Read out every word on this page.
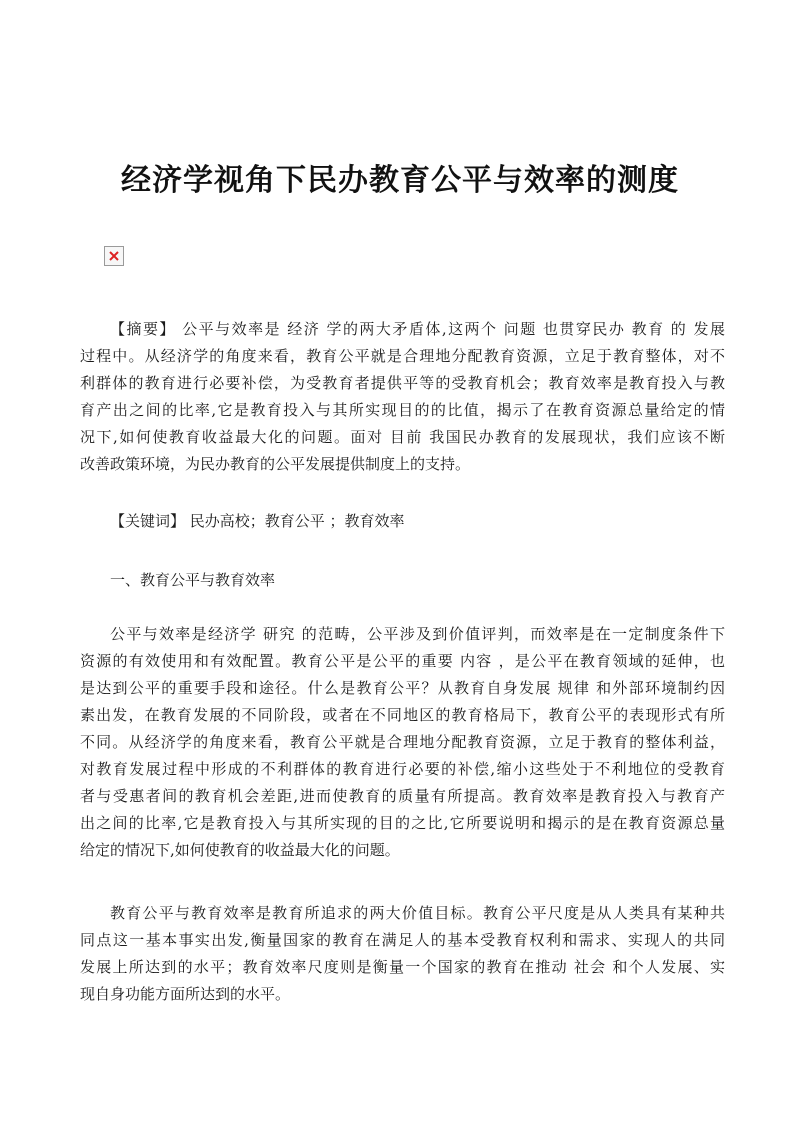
经济学视角下民办教育公平与效率的测度
【摘要】 公平与效率是 经济 学的两大矛盾体,这两个 问题 也贯穿民办 教育 的 发展
过程中。从经济学的角度来看，教育公平就是合理地分配教育资源，立足于教育整体，对不
利群体的教育进行必要补偿，为受教育者提供平等的受教育机会；教育效率是教育投入与教
育产出之间的比率,它是教育投入与其所实现目的的比值，揭示了在教育资源总量给定的情
况下,如何使教育收益最大化的问题。面对 目前 我国民办教育的发展现状，我们应该不断
改善政策环境，为民办教育的公平发展提供制度上的支持。
【关键词】 民办高校；教育公平 ；教育效率
一、教育公平与教育效率
公平与效率是经济学 研究 的范畴，公平涉及到价值评判，而效率是在一定制度条件下
资源的有效使用和有效配置。教育公平是公平的重要 内容 ，是公平在教育领域的延伸，也
是达到公平的重要手段和途径。什么是教育公平？从教育自身发展 规律 和外部环境制约因
素出发，在教育发展的不同阶段，或者在不同地区的教育格局下，教育公平的表现形式有所
不同。从经济学的角度来看，教育公平就是合理地分配教育资源，立足于教育的整体利益，
对教育发展过程中形成的不利群体的教育进行必要的补偿,缩小这些处于不利地位的受教育
者与受惠者间的教育机会差距,进而使教育的质量有所提高。教育效率是教育投入与教育产
出之间的比率,它是教育投入与其所实现的目的之比,它所要说明和揭示的是在教育资源总量
给定的情况下,如何使教育的收益最大化的问题。
教育公平与教育效率是教育所追求的两大价值目标。教育公平尺度是从人类具有某种共
同点这一基本事实出发,衡量国家的教育在满足人的基本受教育权利和需求、实现人的共同
发展上所达到的水平；教育效率尺度则是衡量一个国家的教育在推动 社会 和个人发展、实
现自身功能方面所达到的水平。
